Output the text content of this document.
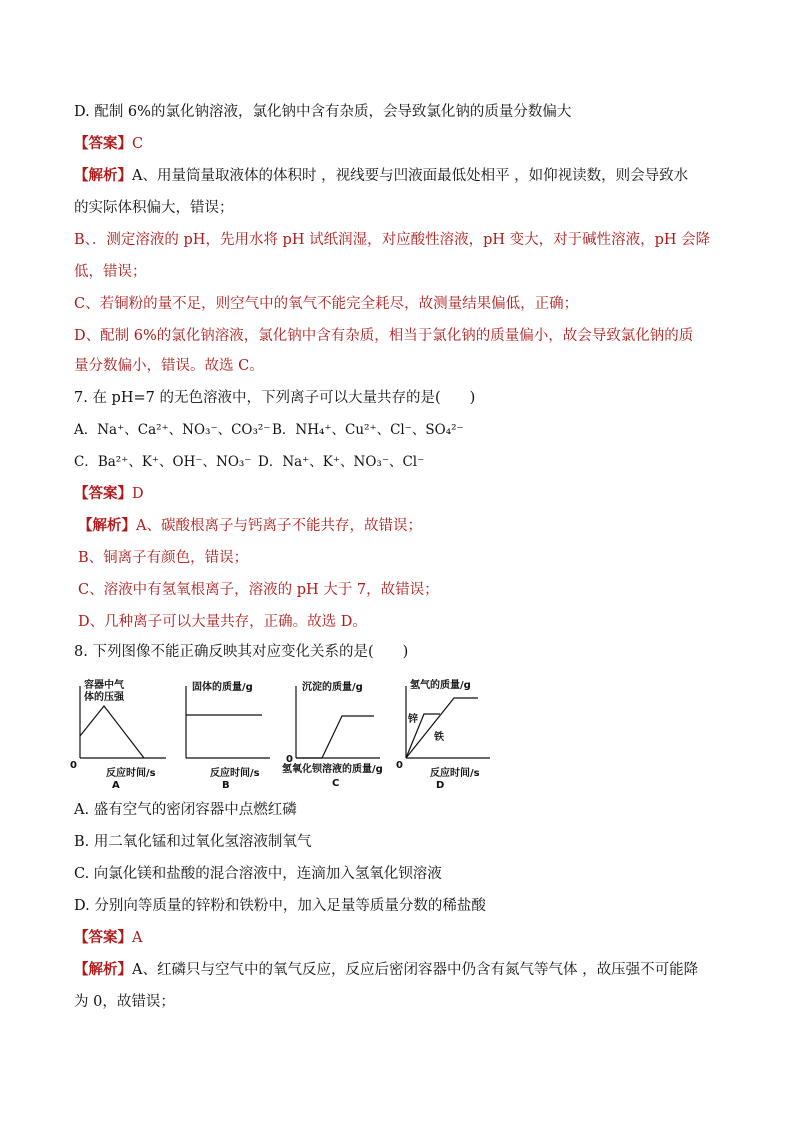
D. 配制 6%的氯化钠溶液，氯化钠中含有杂质，会导致氯化钠的质量分数偏大
【答案】C
【解析】A、用量筒量取液体的体积时 ，视线要与凹液面最低处相平 ，如仰视读数，则会导致水
的实际体积偏大，错误；
B、．测定溶液的 pH，先用水将 pH 试纸润湿，对应酸性溶液，pH 变大，对于碱性溶液，pH 会降
低，错误；
C、若铜粉的量不足，则空气中的氧气不能完全耗尽，故测量结果偏低，正确；
D、配制 6%的氯化钠溶液，氯化钠中含有杂质，相当于氯化钠的质量偏小，故会导致氯化钠的质
量分数偏小，错误。故选 C。
7. 在 pH=7 的无色溶液中，下列离子可以大量共存的是(　　)
A．Na⁺、Ca²⁺、NO₃⁻、CO₃²⁻ B．NH₄⁺、Cu²⁺、Cl⁻、SO₄²⁻
C．Ba²⁺、K⁺、OH⁻、NO₃⁻ D．Na⁺、K⁺、NO₃⁻、Cl⁻
【答案】D
【解析】A、碳酸根离子与钙离子不能共存，故错误；
B、铜离子有颜色，错误；
C、溶液中有氢氧根离子，溶液的 pH 大于 7，故错误；
D、几种离子可以大量共存，正确。故选 D。
8. 下列图像不能正确反映其对应变化关系的是(　　)
容器中气
体的压强
0
反应时间/s
A
固体的质量/g
反应时间/s
B
沉淀的质量/g
0
氢氧化钡溶液的质量/g
C
氢气的质量/g
锌
铁
0
反应时间/s
D
A. 盛有空气的密闭容器中点燃红磷
B. 用二氧化锰和过氧化氢溶液制氧气
C. 向氯化镁和盐酸的混合溶液中，连滴加入氢氧化钡溶液
D. 分别向等质量的锌粉和铁粉中，加入足量等质量分数的稀盐酸
【答案】A
【解析】A、红磷只与空气中的氧气反应，反应后密闭容器中仍含有氮气等气体 ，故压强不可能降
为 0，故错误；
